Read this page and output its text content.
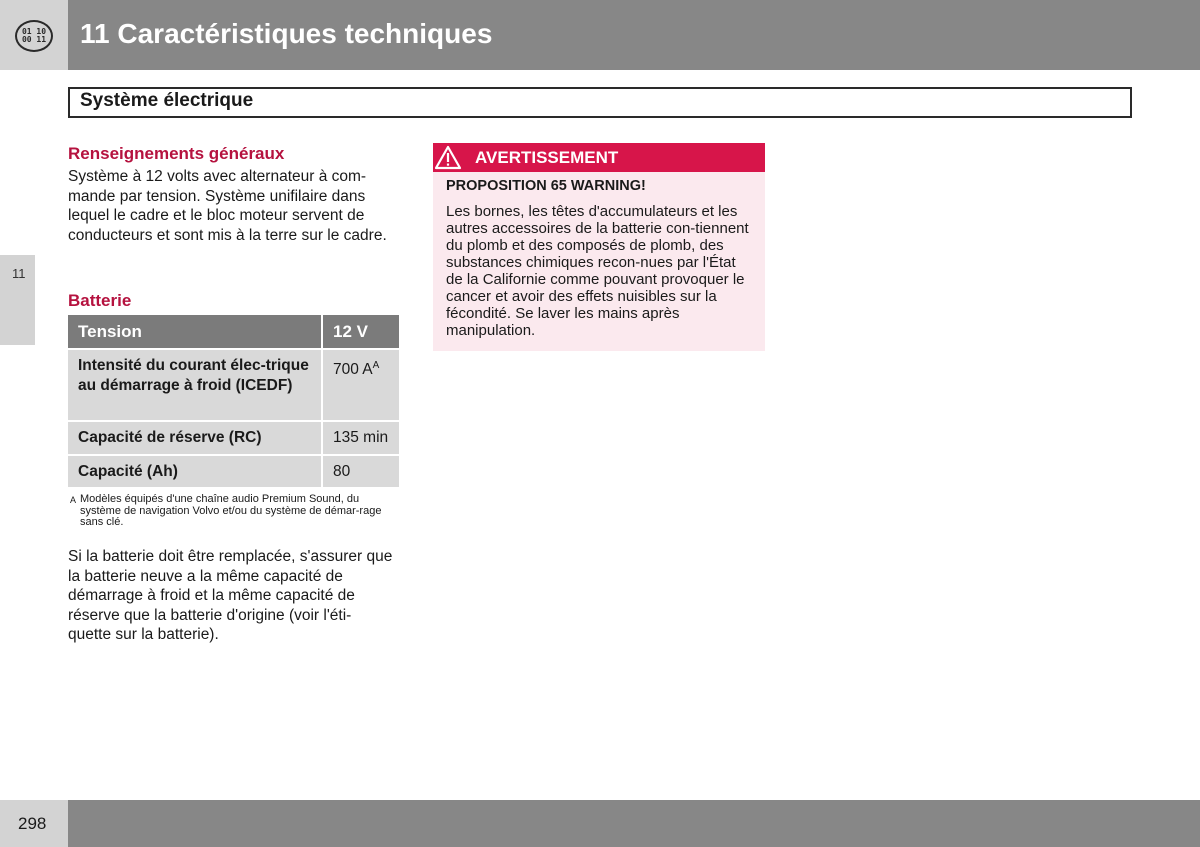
01 10
00 11 11 Caractéristiques techniques
Système électrique
11
Renseignements généraux
Système à 12 volts avec alternateur à com-mande par tension. Système unifilaire dans lequel le cadre et le bloc moteur servent de conducteurs et sont mis à la terre sur le cadre.
Batterie
Tension	12 V
Intensité du courant élec-trique au démarrage à froid (ICEDF)	700 $A^A$
Capacité de réserve (RC)	135 min
Capacité (Ah)	80
A Modèles équipés d'une chaîne audio Premium Sound, du système de navigation Volvo et/ou du système de démar-rage sans clé.
Si la batterie doit être remplacée, s'assurer que la batterie neuve a la même capacité de démarrage à froid et la même capacité de réserve que la batterie d'origine (voir l'éti-quette sur la batterie).
AVERTISSEMENT
PROPOSITION 65 WARNING!
Les bornes, les têtes d'accumulateurs et les autres accessoires de la batterie con-tiennent du plomb et des composés de plomb, des substances chimiques recon-nues par l'État de la Californie comme pouvant provoquer le cancer et avoir des effets nuisibles sur la fécondité. Se laver les mains après manipulation.
298
